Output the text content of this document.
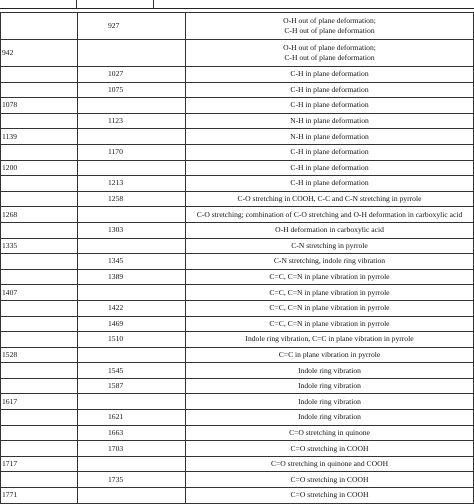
	927	O-H out of plane deformation;
C-H out of plane deformation

942		O-H out of plane deformation;
C-H out of plane deformation

	1027	C-H in plane deformation

	1075	C-H in plane deformation

1078		C-H in plane deformation

	1123	N-H in plane deformation

1139		N-H in plane deformation

	1170	C-H in plane deformation

1200		C-H in plane deformation

	1213	C-H in plane deformation

	1258	C-O stretching in COOH, C-C and C-N stretching in pyrrole

1268		C-O stretching; combination of C-O stretching and O-H deformation in carboxylic acid

	1303	O-H deformation in carboxylic acid

1335		C-N stretching in pyrrole

	1345	C-N stretching, indole ring vibration

	1389	C=C, C=N in plane vibration in pyrrole

1407		C=C, C=N in plane vibration in pyrrole

	1422	C=C, C=N in plane vibration in pyrrole

	1469	C=C, C=N in plane vibration in pyrrole

	1510	Indole ring vibration, C=C in plane vibration in pyrrole

1528		C=C in plane vibration in pyrrole

	1545	Indole ring vibration

	1587	Indole ring vibration

1617		Indole ring vibration

	1621	Indole ring vibration

	1663	C=O stretching in quinone

	1703	C=O stretching in COOH

1717		C=O stretching in quinone and COOH

	1735	C=O stretching in COOH

1771		C=O stretching in COOH
